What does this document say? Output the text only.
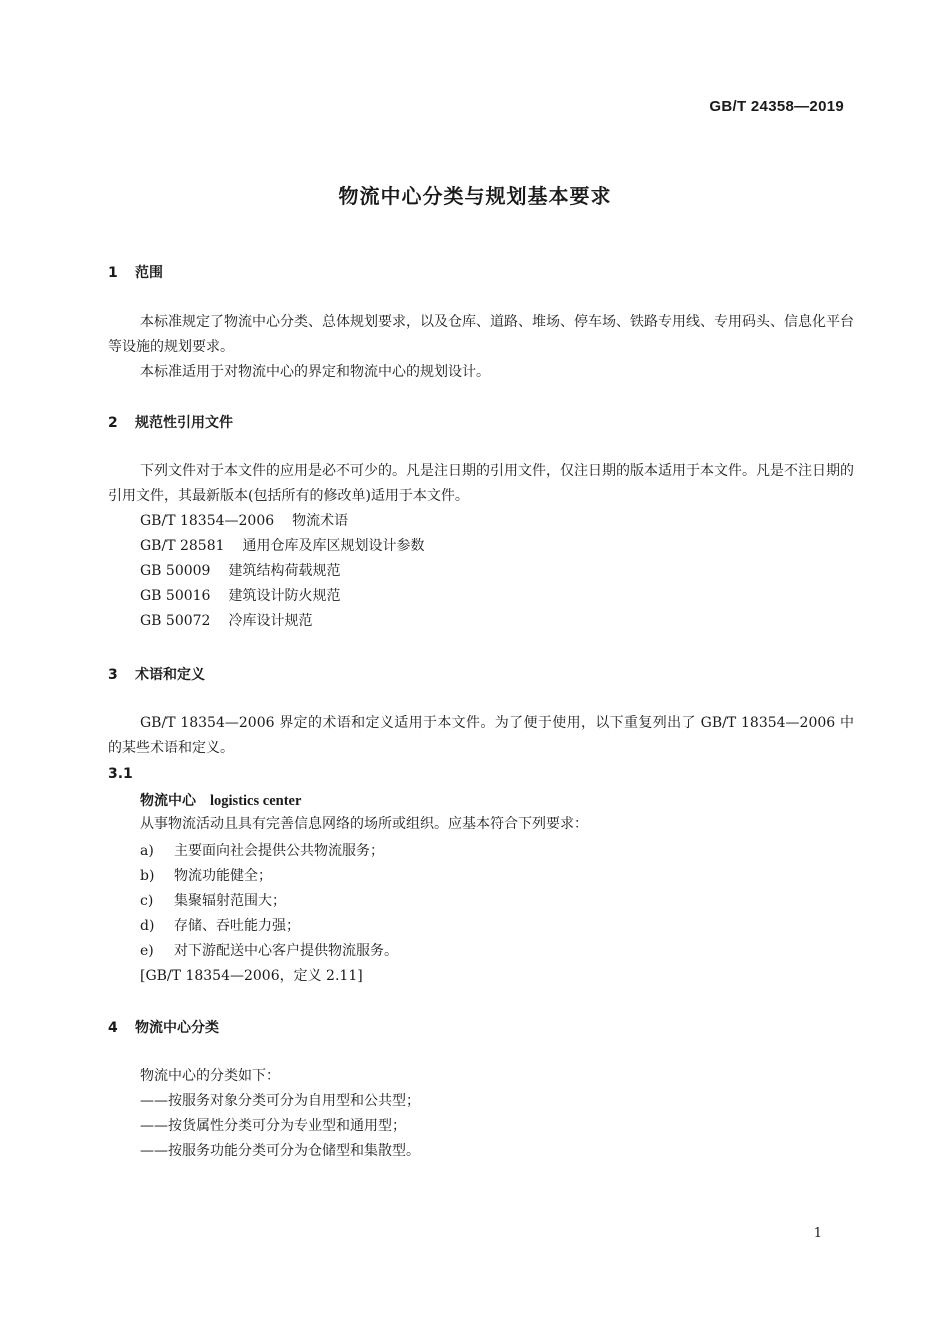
GB/T 24358—2019
物流中心分类与规划基本要求
1 范围

本标准规定了物流中心分类、总体规划要求，以及仓库、道路、堆场、停车场、铁路专用线、专用码头、信息化平台等设施的规划要求。

本标准适用于对物流中心的界定和物流中心的规划设计。

2 规范性引用文件

下列文件对于本文件的应用是必不可少的。凡是注日期的引用文件，仅注日期的版本适用于本文件。凡是不注日期的引用文件，其最新版本(包括所有的修改单)适用于本文件。

GB/T 18354—2006 物流术语
GB/T 28581 通用仓库及库区规划设计参数
GB 50009 建筑结构荷载规范
GB 50016 建筑设计防火规范
GB 50072 冷库设计规范
3 术语和定义

GB/T 18354—2006 界定的术语和定义适用于本文件。为了便于使用，以下重复列出了 GB/T 18354—2006 中的某些术语和定义。

3.1
物流中心 logistics center
从事物流活动且具有完善信息网络的场所或组织。应基本符合下列要求：
a) 主要面向社会提供公共物流服务；
b) 物流功能健全；
c) 集聚辐射范围大；
d) 存储、吞吐能力强；
e) 对下游配送中心客户提供物流服务。
[GB/T 18354—2006，定义 2.11]
4 物流中心分类
物流中心的分类如下：
——按服务对象分类可分为自用型和公共型；
——按货属性分类可分为专业型和通用型；
——按服务功能分类可分为仓储型和集散型。
1
